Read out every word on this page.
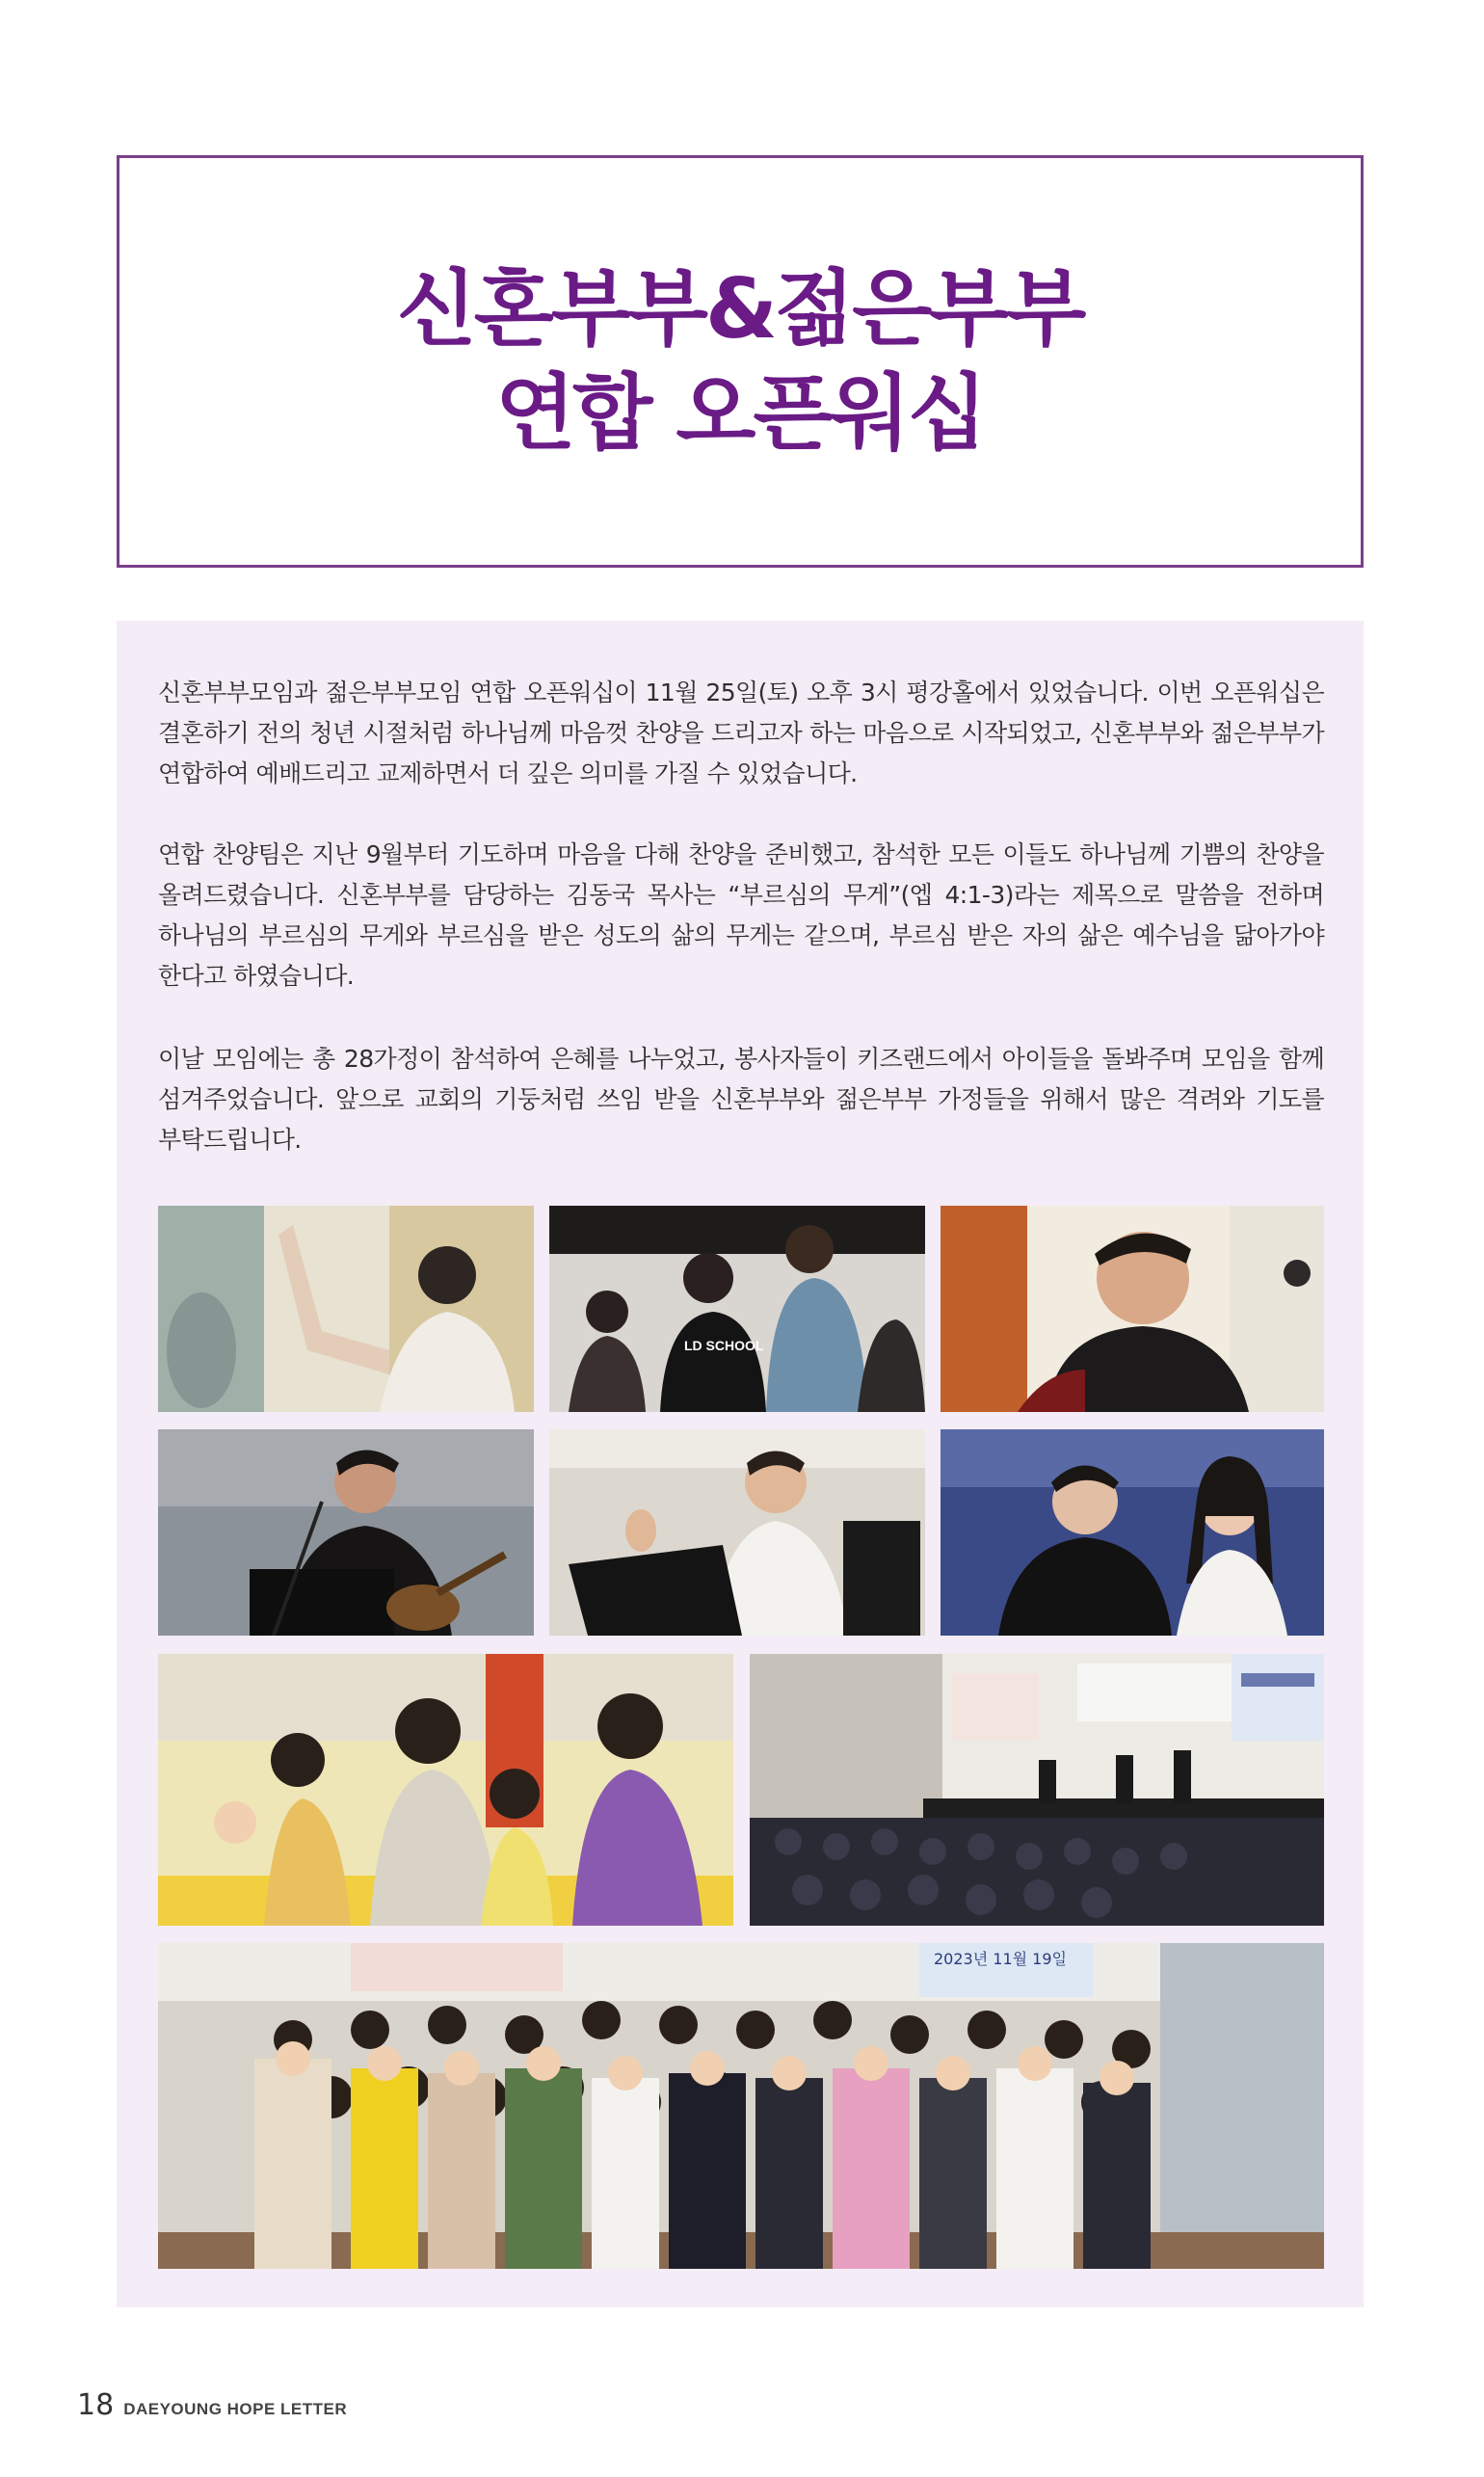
신혼부부&젊은부부
연합 오픈워십

신혼부부모임과 젊은부부모임 연합 오픈워십이 11월 25일(토) 오후 3시 평강홀에서 있었습니다. 이번 오픈워십은 결혼하기 전의 청년 시절처럼 하나님께 마음껏 찬양을 드리고자 하는 마음으로 시작되었고, 신혼부부와 젊은부부가 연합하여 예배드리고 교제하면서 더 깊은 의미를 가질 수 있었습니다.

연합 찬양팀은 지난 9월부터 기도하며 마음을 다해 찬양을 준비했고, 참석한 모든 이들도 하나님께 기쁨의 찬양을 올려드렸습니다. 신혼부부를 담당하는 김동국 목사는 “부르심의 무게”(엡 4:1-3)라는 제목으로 말씀을 전하며 하나님의 부르심의 무게와 부르심을 받은 성도의 삶의 무게는 같으며, 부르심 받은 자의 삶은 예수님을 닮아가야 한다고 하였습니다.

이날 모임에는 총 28가정이 참석하여 은혜를 나누었고, 봉사자들이 키즈랜드에서 아이들을 돌봐주며 모임을 함께 섬겨주었습니다. 앞으로 교회의 기둥처럼 쓰임 받을 신혼부부와 젊은부부 가정들을 위해서 많은 격려와 기도를 부탁드립니다.

LD SCHOOL
2023년 11월 19일
18 DAEYOUNG HOPE LETTER
